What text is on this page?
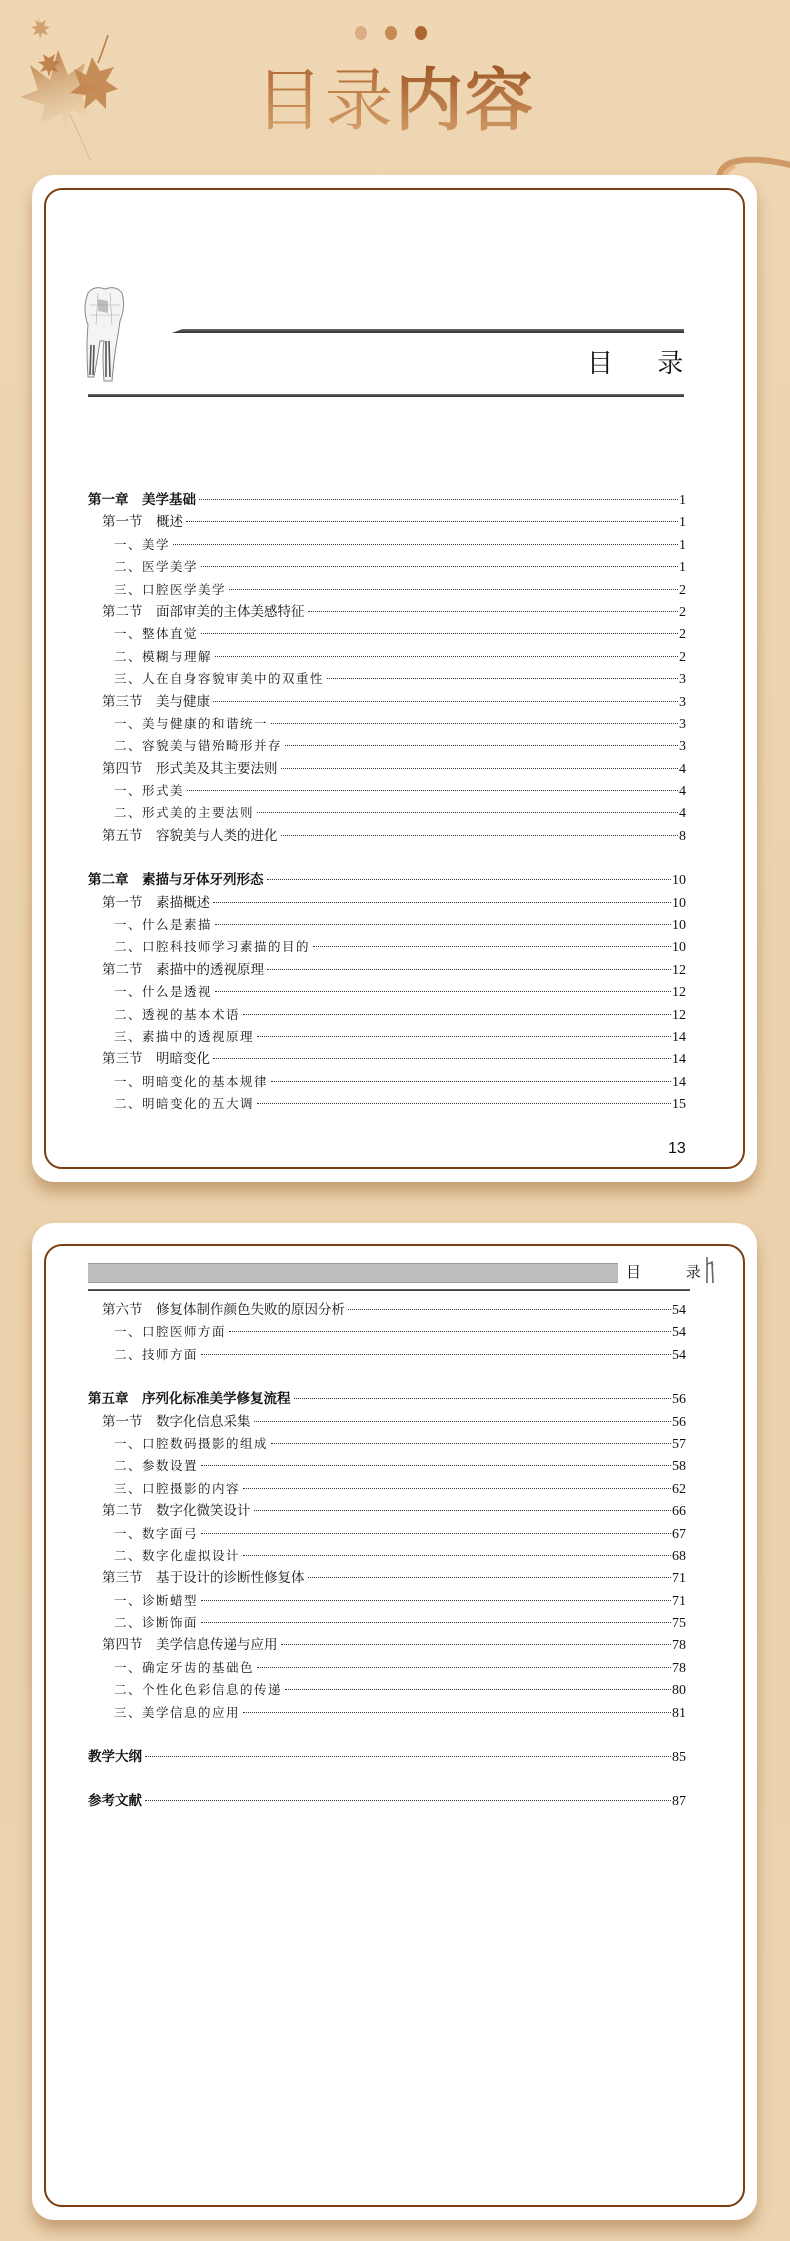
目录内容
目 录
第一章　美学基础	1
第一节　概述	1
一、美学	1
二、医学美学	1
三、口腔医学美学	2
第二节　面部审美的主体美感特征	2
一、整体直觉	2
二、模糊与理解	2
三、人在自身容貌审美中的双重性	3
第三节　美与健康	3
一、美与健康的和谐统一	3
二、容貌美与错殆畸形并存	3
第四节　形式美及其主要法则	4
一、形式美	4
二、形式美的主要法则	4
第五节　容貌美与人类的进化	8
第二章　素描与牙体牙列形态	10
第一节　素描概述	10
一、什么是素描	10
二、口腔科技师学习素描的目的	10
第二节　素描中的透视原理	12
一、什么是透视	12
二、透视的基本术语	12
三、素描中的透视原理	14
第三节　明暗变化	14
一、明暗变化的基本规律	14
二、明暗变化的五大调	15
13
目 录
第六节　修复体制作颜色失败的原因分析	54
一、口腔医师方面	54
二、技师方面	54
第五章　序列化标准美学修复流程	56
第一节　数字化信息采集	56
一、口腔数码摄影的组成	57
二、参数设置	58
三、口腔摄影的内容	62
第二节　数字化微笑设计	66
一、数字面弓	67
二、数字化虚拟设计	68
第三节　基于设计的诊断性修复体	71
一、诊断蜡型	71
二、诊断饰面	75
第四节　美学信息传递与应用	78
一、确定牙齿的基础色	78
二、个性化色彩信息的传递	80
三、美学信息的应用	81
教学大纲	85
参考文献	87
